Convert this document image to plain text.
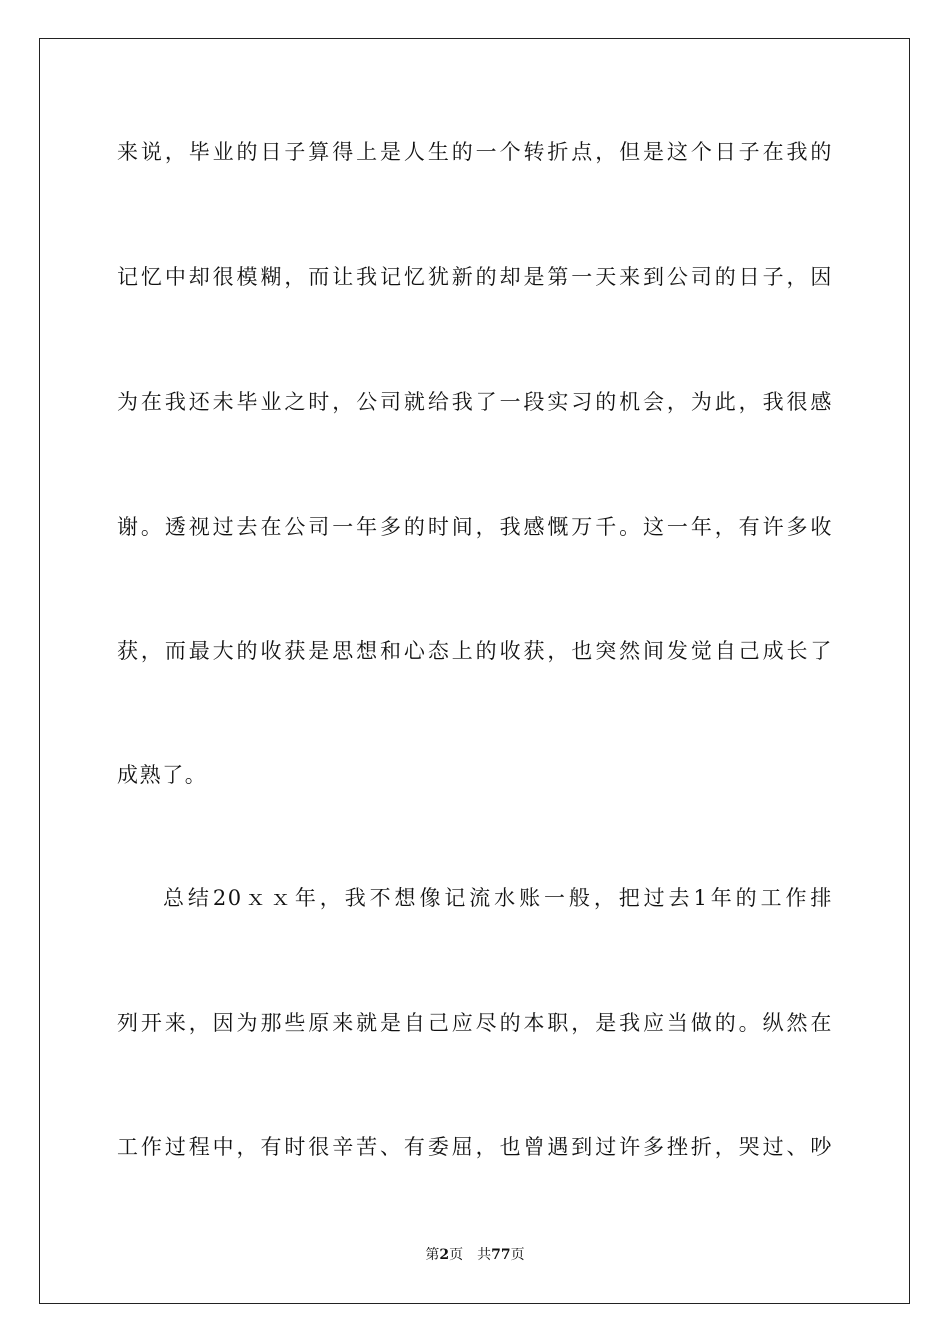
来说，毕业的日子算得上是人生的一个转折点，但是这个日子在我的
记忆中却很模糊，而让我记忆犹新的却是第一天来到公司的日子，因
为在我还未毕业之时，公司就给我了一段实习的机会，为此，我很感
谢。透视过去在公司一年多的时间，我感慨万千。这一年，有许多收
获，而最大的收获是思想和心态上的收获，也突然间发觉自己成长了
成熟了。
总结20ｘｘ年，我不想像记流水账一般，把过去1年的工作排
列开来，因为那些原来就是自己应尽的本职，是我应当做的。纵然在
工作过程中，有时很辛苦、有委屈，也曾遇到过许多挫折，哭过、吵
第2页 共77页
